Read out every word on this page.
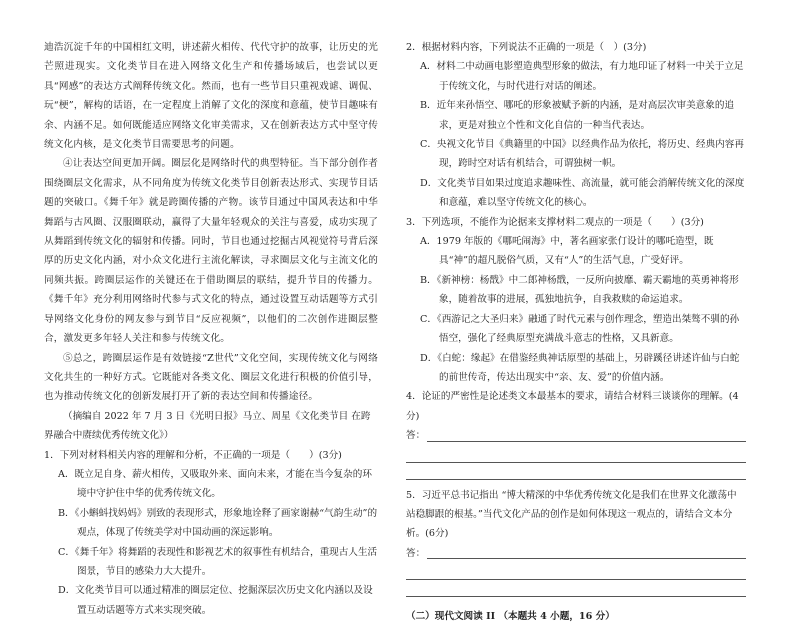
迪浩沉淀千年的中国相红文明，讲述薪火相传、代代守护的故事，让历史的光芒照进现实。文化类节目在进入网络文化生产和传播场域后，也尝试以更具“网感”的表达方式阐释传统文化。然而，也有一些节目只重视戏谑、调侃、玩“梗”，解构的话语，在一定程度上消解了文化的深度和意蕴，使节目趣味有余、内涵不足。如何既能适应网络文化审美需求，又在创新表达方式中坚守传统文化内核，是文化类节目需要思考的问题。

④让表达空间更加开阔。圈层化是网络时代的典型特征。当下部分创作者围绕圈层文化需求，从不同角度为传统文化类节目创新表达形式、实现节目话题的突破口。《舞千年》就是跨圈传播的产物。该节目通过中国风表达和中华舞蹈与古风圈、汉服圈联动，赢得了大量年轻观众的关注与喜爱，成功实现了从舞蹈到传统文化的辐射和传播。同时，节目也通过挖掘古风视觉符号背后深厚的历史文化内涵，对小众文化进行主流化解读，寻求圈层文化与主流文化的同频共振。跨圈层运作的关键还在于借助圈层的联结，提升节目的传播力。《舞千年》充分利用网络时代参与式文化的特点，通过设置互动话题等方式引导网络文化身份的网友参与到节目“反应视频”，以他们的二次创作进圈层整合，激发更多年轻人关注和参与传统文化。

⑤总之，跨圈层运作是有效链接“Z世代”文化空间，实现传统文化与网络文化共生的一种好方式。它既能对各类文化、圈层文化进行积极的价值引导，也为推动传统文化的创新发展打开了新的表达空间和传播途径。

（摘编自 2022 年 7 月 3 日《光明日报》马立、周星《文化类节目 在跨界融合中赓续优秀传统文化》）

1．下列对材料相关内容的理解和分析，不正确的一项是（　　）(3分)

A．既立足自身、薪火相传，又吸取外来、面向未来，才能在当今复杂的环境中守护住中华的优秀传统文化。

B．《小蝌蚪找妈妈》别致的表现形式，形象地诠释了画家谢赫“气韵生动”的观点，体现了传统美学对中国动画的深远影响。

C．《舞千年》将舞蹈的表现性和影视艺术的叙事性有机结合，重现古人生活图景，节目的感染力大大提升。

D．文化类节目可以通过精准的圈层定位、挖掘深层次历史文化内涵以及设置互动话题等方式来实现突破。

2．根据材料内容，下列说法不正确的一项是（　）(3分)

A．材料二中动画电影塑造典型形象的做法，有力地印证了材料一中关于立足于传统文化，与时代进行对话的阐述。

B．近年来孙悟空、哪吒的形象被赋予新的内涵，是对高层次审美意象的追求，更是对独立个性和文化自信的一种当代表达。

C．央视文化节目《典籍里的中国》以经典作品为依托，将历史、经典内容再现，跨时空对话有机结合，可谓独树一帜。

D．文化类节目如果过度追求趣味性、高流量，就可能会消解传统文化的深度和意蕴，难以坚守传统文化的核心。

3．下列选项，不能作为论据来支撑材料二观点的一项是（　　）(3分)

A．1979 年版的《哪吒闹海》中，著名画家张仃设计的哪吒造型，既具“神”的超凡脱俗气质，又有“人”的生活气息，广受好评。

B．《新神榜：杨戬》中二郎神杨戬，一反所向披靡、霸天霸地的英勇神将形象，随着故事的进展，孤独地抗争，自我救赎的命运追求。

C．《西游记之大圣归来》融通了时代元素与创作理念，塑造出桀骜不驯的孙悟空，强化了经典原型充满战斗意志的性格，又具新意。

D．《白蛇：缘起》在借鉴经典神话原型的基础上，另辟蹊径讲述许仙与白蛇的前世传奇，传达出现实中“亲、友、爱”的价值内涵。

4．论证的严密性是论述类文本最基本的要求，请结合材料三谈谈你的理解。(4分)

答：

5．习近平总书记指出 “博大精深的中华优秀传统文化是我们在世界文化激荡中站稳脚跟的根基。”当代文化产品的创作是如何体现这一观点的，请结合文本分析。(6分)

答：
（二）现代文阅读 II （本题共 4 小题，16 分）
